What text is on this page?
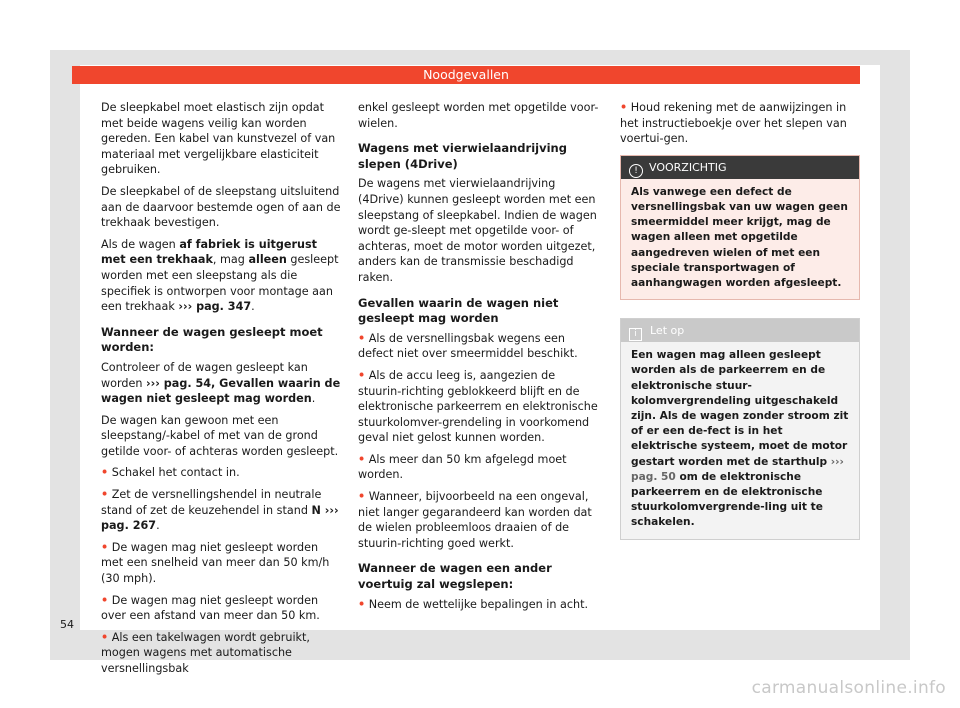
Noodgevallen

De sleepkabel moet elastisch zijn opdat met beide wagens veilig kan worden gereden. Een kabel van kunstvezel of van materiaal met vergelijkbare elasticiteit gebruiken.

De sleepkabel of de sleepstang uitsluitend aan de daarvoor bestemde ogen of aan de trekhaak bevestigen.

Als de wagen af fabriek is uitgerust met een trekhaak, mag alleen gesleept worden met een sleepstang als die specifiek is ontworpen voor montage aan een trekhaak ››› pag. 347.

Wanneer de wagen gesleept moet worden:

Controleer of de wagen gesleept kan worden ››› pag. 54, Gevallen waarin de wagen niet gesleept mag worden.

De wagen kan gewoon met een sleepstang/-kabel of met van de grond getilde voor- of achteras worden gesleept.

• Schakel het contact in.

• Zet de versnellingshendel in neutrale stand of zet de keuzehendel in stand N ››› pag. 267.

• De wagen mag niet gesleept worden met een snelheid van meer dan 50 km/h (30 mph).

• De wagen mag niet gesleept worden over een afstand van meer dan 50 km.

• Als een takelwagen wordt gebruikt, mogen wagens met automatische versnellingsbak

enkel gesleept worden met opgetilde voor-wielen.

Wagens met vierwielaandrijving slepen (4Drive)

De wagens met vierwielaandrijving (4Drive) kunnen gesleept worden met een sleepstang of sleepkabel. Indien de wagen wordt ge-sleept met opgetilde voor- of achteras, moet de motor worden uitgezet, anders kan de transmissie beschadigd raken.

Gevallen waarin de wagen niet gesleept mag worden

• Als de versnellingsbak wegens een defect niet over smeermiddel beschikt.

• Als de accu leeg is, aangezien de stuurin-richting geblokkeerd blijft en de elektronische parkeerrem en elektronische stuurkolomver-grendeling in voorkomend geval niet gelost kunnen worden.

• Als meer dan 50 km afgelegd moet worden.

• Wanneer, bijvoorbeeld na een ongeval, niet langer gegarandeerd kan worden dat de wielen probleemloos draaien of de stuurin-richting goed werkt.

Wanneer de wagen een ander voertuig zal wegslepen:

• Neem de wettelijke bepalingen in acht.

• Houd rekening met de aanwijzingen in het instructieboekje over het slepen van voertui-gen.

! VOORZICHTIG
Als vanwege een defect de versnellingsbak van uw wagen geen smeermiddel meer krijgt, mag de wagen alleen met opgetilde aangedreven wielen of met een speciale transportwagen of aanhangwagen worden afgesleept.
i Let op
Een wagen mag alleen gesleept worden als de parkeerrem en de elektronische stuur-kolomvergrendeling uitgeschakeld zijn. Als de wagen zonder stroom zit of er een de-fect is in het elektrische systeem, moet de motor gestart worden met de starthulp ››› pag. 50 om de elektronische parkeerrem en de elektronische stuurkolomvergrende-ling uit te schakelen.
54
carmanualsonline.info
